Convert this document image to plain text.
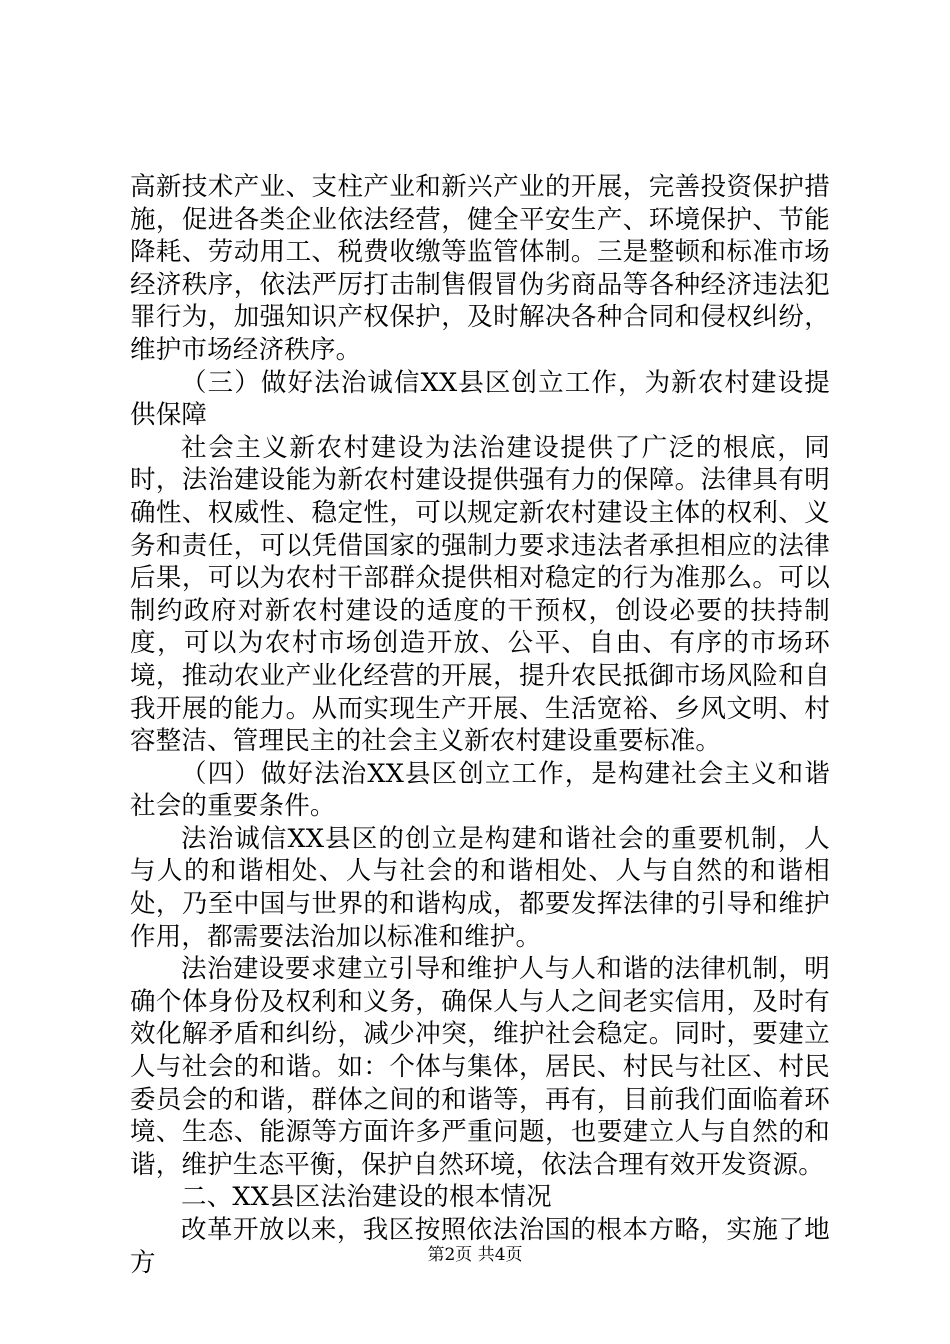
高新技术产业、支柱产业和新兴产业的开展，完善投资保护措施，促进各类企业依法经营，健全平安生产、环境保护、节能降耗、劳动用工、税费收缴等监管体制。三是整顿和标准市场经济秩序，依法严厉打击制售假冒伪劣商品等各种经济违法犯罪行为，加强知识产权保护，及时解决各种合同和侵权纠纷，维护市场经济秩序。

（三）做好法治诚信XX县区创立工作，为新农村建设提供保障

社会主义新农村建设为法治建设提供了广泛的根底，同时，法治建设能为新农村建设提供强有力的保障。法律具有明确性、权威性、稳定性，可以规定新农村建设主体的权利、义务和责任，可以凭借国家的强制力要求违法者承担相应的法律后果，可以为农村干部群众提供相对稳定的行为准那么。可以制约政府对新农村建设的适度的干预权，创设必要的扶持制度，可以为农村市场创造开放、公平、自由、有序的市场环境，推动农业产业化经营的开展，提升农民抵御市场风险和自我开展的能力。从而实现生产开展、生活宽裕、乡风文明、村容整洁、管理民主的社会主义新农村建设重要标准。

（四）做好法治XX县区创立工作，是构建社会主义和谐社会的重要条件。

法治诚信XX县区的创立是构建和谐社会的重要机制，人与人的和谐相处、人与社会的和谐相处、人与自然的和谐相处，乃至中国与世界的和谐构成，都要发挥法律的引导和维护作用，都需要法治加以标准和维护。

法治建设要求建立引导和维护人与人和谐的法律机制，明确个体身份及权利和义务，确保人与人之间老实信用，及时有效化解矛盾和纠纷，减少冲突，维护社会稳定。同时，要建立人与社会的和谐。如：个体与集体，居民、村民与社区、村民委员会的和谐，群体之间的和谐等，再有，目前我们面临着环境、生态、能源等方面许多严重问题，也要建立人与自然的和谐，维护生态平衡，保护自然环境，依法合理有效开发资源。

二、XX县区法治建设的根本情况

改革开放以来，我区按照依法治国的根本方略，实施了地方	第2页 共4页
